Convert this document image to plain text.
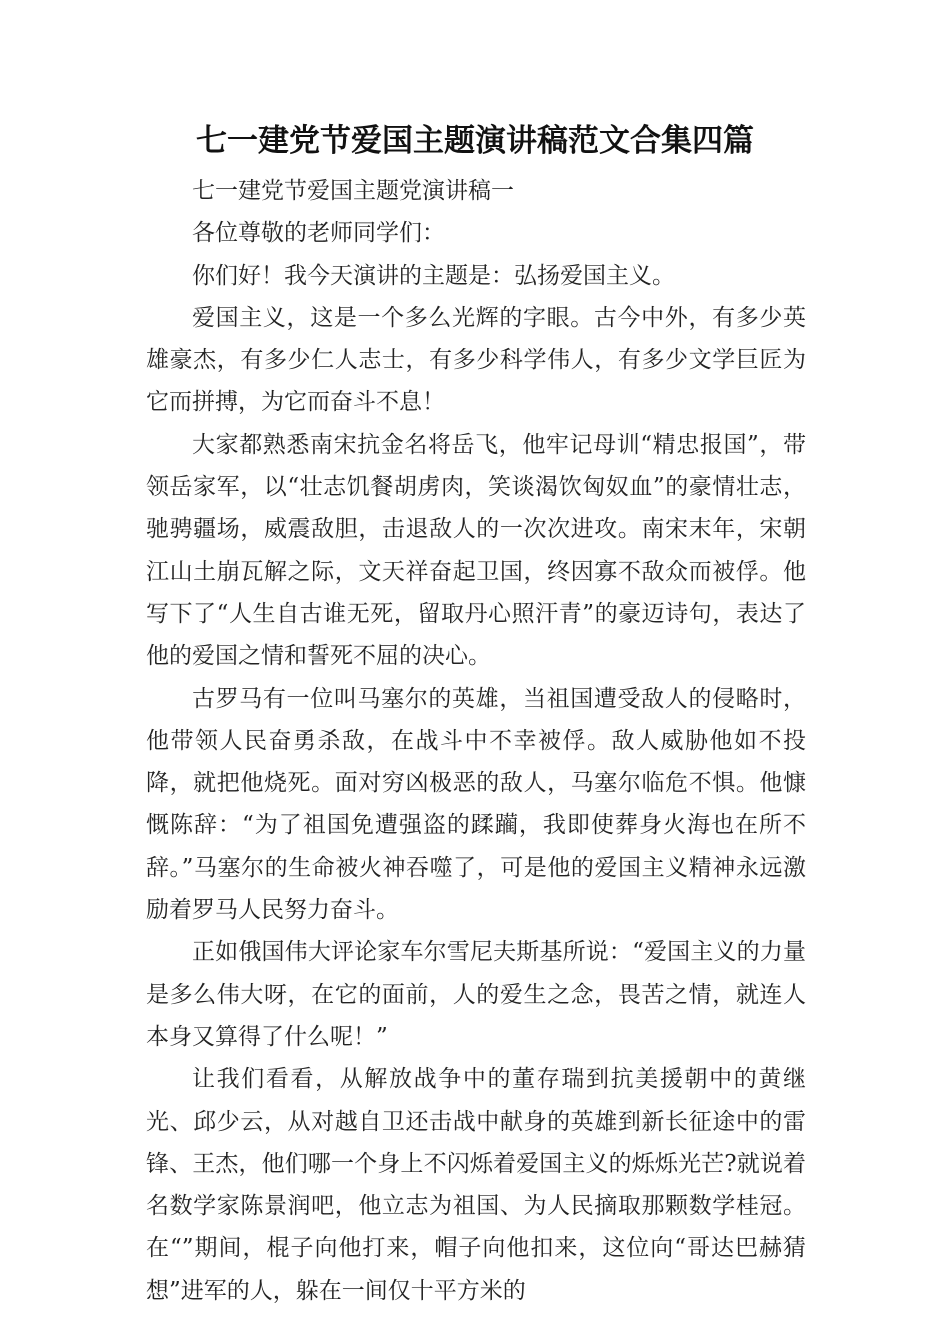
七一建党节爱国主题演讲稿范文合集四篇

七一建党节爱国主题党演讲稿一

各位尊敬的老师同学们：

你们好！我今天演讲的主题是：弘扬爱国主义。

爱国主义，这是一个多么光辉的字眼。古今中外，有多少英雄豪杰，有多少仁人志士，有多少科学伟人，有多少文学巨匠为它而拼搏，为它而奋斗不息！

大家都熟悉南宋抗金名将岳飞，他牢记母训“精忠报国”，带领岳家军，以“壮志饥餐胡虏肉，笑谈渴饮匈奴血”的豪情壮志，驰骋疆场，威震敌胆，击退敌人的一次次进攻。南宋末年，宋朝江山土崩瓦解之际，文天祥奋起卫国，终因寡不敌众而被俘。他写下了“人生自古谁无死，留取丹心照汗青”的豪迈诗句，表达了他的爱国之情和誓死不屈的决心。

古罗马有一位叫马塞尔的英雄，当祖国遭受敌人的侵略时，他带领人民奋勇杀敌，在战斗中不幸被俘。敌人威胁他如不投降，就把他烧死。面对穷凶极恶的敌人，马塞尔临危不惧。他慷慨陈辞：“为了祖国免遭强盗的蹂躏，我即使葬身火海也在所不辞。”马塞尔的生命被火神吞噬了，可是他的爱国主义精神永远激励着罗马人民努力奋斗。

正如俄国伟大评论家车尔雪尼夫斯基所说：“爱国主义的力量是多么伟大呀，在它的面前，人的爱生之念，畏苦之情，就连人本身又算得了什么呢！”

让我们看看，从解放战争中的董存瑞到抗美援朝中的黄继光、邱少云，从对越自卫还击战中献身的英雄到新长征途中的雷锋、王杰，他们哪一个身上不闪烁着爱国主义的烁烁光芒?就说着名数学家陈景润吧，他立志为祖国、为人民摘取那颗数学桂冠。在“”期间，棍子向他打来，帽子向他扣来，这位向“哥达巴赫猜想”进军的人，躲在一间仅十平方米的
